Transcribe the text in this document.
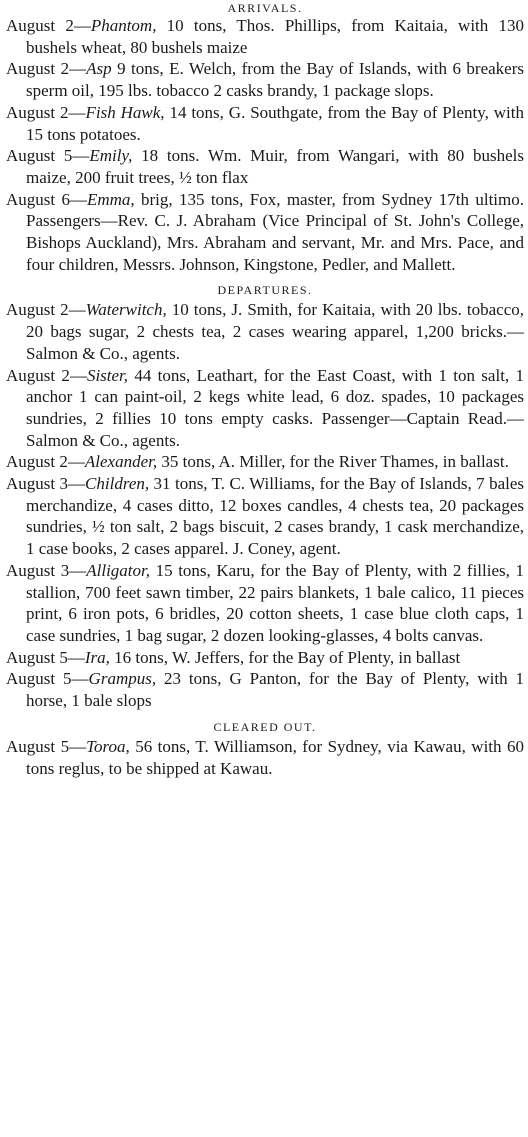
ARRIVALS.

August 2—Phantom, 10 tons, Thos. Phillips, from Kaitaia, with 130 bushels wheat, 80 bushels maize

August 2—Asp 9 tons, E. Welch, from the Bay of Islands, with 6 breakers sperm oil, 195 lbs. tobacco 2 casks brandy, 1 package slops.

August 2—Fish Hawk, 14 tons, G. Southgate, from the Bay of Plenty, with 15 tons potatoes.

August 5—Emily, 18 tons. Wm. Muir, from Wangari, with 80 bushels maize, 200 fruit trees, ½ ton flax

August 6—Emma, brig, 135 tons, Fox, master, from Sydney 17th ultimo. Passengers—Rev. C. J. Abraham (Vice Principal of St. John's College, Bishops Auckland), Mrs. Abraham and servant, Mr. and Mrs. Pace, and four children, Messrs. Johnson, Kingstone, Pedler, and Mallett.

DEPARTURES.

August 2—Waterwitch, 10 tons, J. Smith, for Kaitaia, with 20 lbs. tobacco, 20 bags sugar, 2 chests tea, 2 cases wearing apparel, 1,200 bricks.—Salmon & Co., agents.

August 2—Sister, 44 tons, Leathart, for the East Coast, with 1 ton salt, 1 anchor 1 can paint-oil, 2 kegs white lead, 6 doz. spades, 10 packages sundries, 2 fillies 10 tons empty casks. Passenger—Captain Read.—Salmon & Co., agents.

August 2—Alexander, 35 tons, A. Miller, for the River Thames, in ballast.

August 3—Children, 31 tons, T. C. Williams, for the Bay of Islands, 7 bales merchandize, 4 cases ditto, 12 boxes candles, 4 chests tea, 20 packages sundries, ½ ton salt, 2 bags biscuit, 2 cases brandy, 1 cask merchandize, 1 case books, 2 cases apparel. J. Coney, agent.

August 3—Alligator, 15 tons, Karu, for the Bay of Plenty, with 2 fillies, 1 stallion, 700 feet sawn timber, 22 pairs blankets, 1 bale calico, 11 pieces print, 6 iron pots, 6 bridles, 20 cotton sheets, 1 case blue cloth caps, 1 case sundries, 1 bag sugar, 2 dozen looking-glasses, 4 bolts canvas.

August 5—Ira, 16 tons, W. Jeffers, for the Bay of Plenty, in ballast

August 5—Grampus, 23 tons, G Panton, for the Bay of Plenty, with 1 horse, 1 bale slops

CLEARED OUT.

August 5—Toroa, 56 tons, T. Williamson, for Sydney, via Kawau, with 60 tons reglus, to be shipped at Kawau.
